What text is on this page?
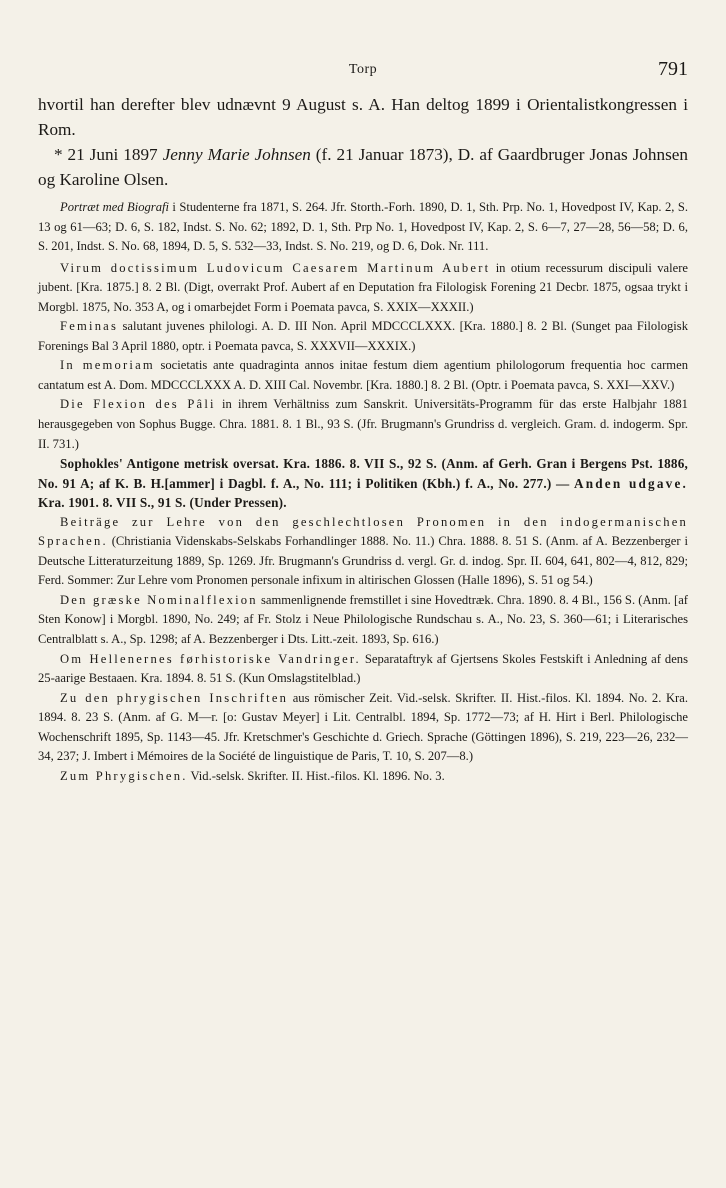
Torp	791

hvortil han derefter blev udnævnt 9 August s. A. Han deltog 1899 i Orientalistkongressen i Rom.

* 21 Juni 1897 Jenny Marie Johnsen (f. 21 Januar 1873), D. af Gaardbruger Jonas Johnsen og Karoline Olsen.

Portræt med Biografi i Studenterne fra 1871, S. 264. Jfr. Storth.-Forh. 1890, D. 1, Sth. Prp. No. 1, Hovedpost IV, Kap. 2, S. 13 og 61—63; D. 6, S. 182, Indst. S. No. 62; 1892, D. 1, Sth. Prp No. 1, Hovedpost IV, Kap. 2, S. 6—7, 27—28, 56—58; D. 6, S. 201, Indst. S. No. 68, 1894, D. 5, S. 532—33, Indst. S. No. 219, og D. 6, Dok. Nr. 111.

Virum doctissimum Ludovicum Caesarem Martinum Aubert in otium recessurum discipuli valere jubent. [Kra. 1875.] 8. 2 Bl. (Digt, overrakt Prof. Aubert af en Deputation fra Filologisk Forening 21 Decbr. 1875, ogsaa trykt i Morgbl. 1875, No. 353 A, og i omarbejdet Form i Poemata pavca, S. XXIX—XXXII.)

Feminas salutant juvenes philologi. A. D. III Non. April MDCCCLXXX. [Kra. 1880.] 8. 2 Bl. (Sunget paa Filologisk Forenings Bal 3 April 1880, optr. i Poemata pavca, S. XXXVII—XXXIX.)

In memoriam societatis ante quadraginta annos initae festum diem agentium philologorum frequentia hoc carmen cantatum est A. Dom. MDCCCLXXX A. D. XIII Cal. Novembr. [Kra. 1880.] 8. 2 Bl. (Optr. i Poemata pavca, S. XXI—XXV.)

Die Flexion des Pâli in ihrem Verhältniss zum Sanskrit. Universitäts-Programm für das erste Halbjahr 1881 herausgegeben von Sophus Bugge. Chra. 1881. 8. 1 Bl., 93 S. (Jfr. Brugmann's Grundriss d. vergleich. Gram. d. indogerm. Spr. II. 731.)

Sophokles' Antigone metrisk oversat. Kra. 1886. 8. VII S., 92 S. (Anm. af Gerh. Gran i Bergens Pst. 1886, No. 91 A; af K. B. H.[ammer] i Dagbl. f. A., No. 111; i Politiken (Kbh.) f. A., No. 277.) — Anden udgave. Kra. 1901. 8. VII S., 91 S. (Under Pressen).

Beiträge zur Lehre von den geschlechtlosen Pronomen in den indogermanischen Sprachen. (Christiania Videnskabs-Selskabs Forhandlinger 1888. No. 11.) Chra. 1888. 8. 51 S. (Anm. af A. Bezzenberger i Deutsche Litteraturzeitung 1889, Sp. 1269. Jfr. Brugmann's Grundriss d. vergl. Gr. d. indog. Spr. II. 604, 641, 802—4, 812, 829; Ferd. Sommer: Zur Lehre vom Pronomen personale infixum in altirischen Glossen (Halle 1896), S. 51 og 54.)

Den græske Nominalflexion sammenlignende fremstillet i sine Hovedtræk. Chra. 1890. 8. 4 Bl., 156 S. (Anm. [af Sten Konow] i Morgbl. 1890, No. 249; af Fr. Stolz i Neue Philologische Rundschau s. A., No. 23, S. 360—61; i Literarisches Centralblatt s. A., Sp. 1298; af A. Bezzenberger i Dts. Litt.-zeit. 1893, Sp. 616.)

Om Hellenernes førhistoriske Vandringer. Separataftryk af Gjertsens Skoles Festskift i Anledning af dens 25-aarige Bestaaen. Kra. 1894. 8. 51 S. (Kun Omslagstitelblad.)

Zu den phrygischen Inschriften aus römischer Zeit. Vid.-selsk. Skrifter. II. Hist.-filos. Kl. 1894. No. 2. Kra. 1894. 8. 23 S. (Anm. af G. M—r. [o: Gustav Meyer] i Lit. Centralbl. 1894, Sp. 1772—73; af H. Hirt i Berl. Philologische Wochenschrift 1895, Sp. 1143—45. Jfr. Kretschmer's Geschichte d. Griech. Sprache (Göttingen 1896), S. 219, 223—26, 232—34, 237; J. Imbert i Mémoires de la Société de linguistique de Paris, T. 10, S. 207—8.)

Zum Phrygischen. Vid.-selsk. Skrifter. II. Hist.-filos. Kl. 1896. No. 3.
